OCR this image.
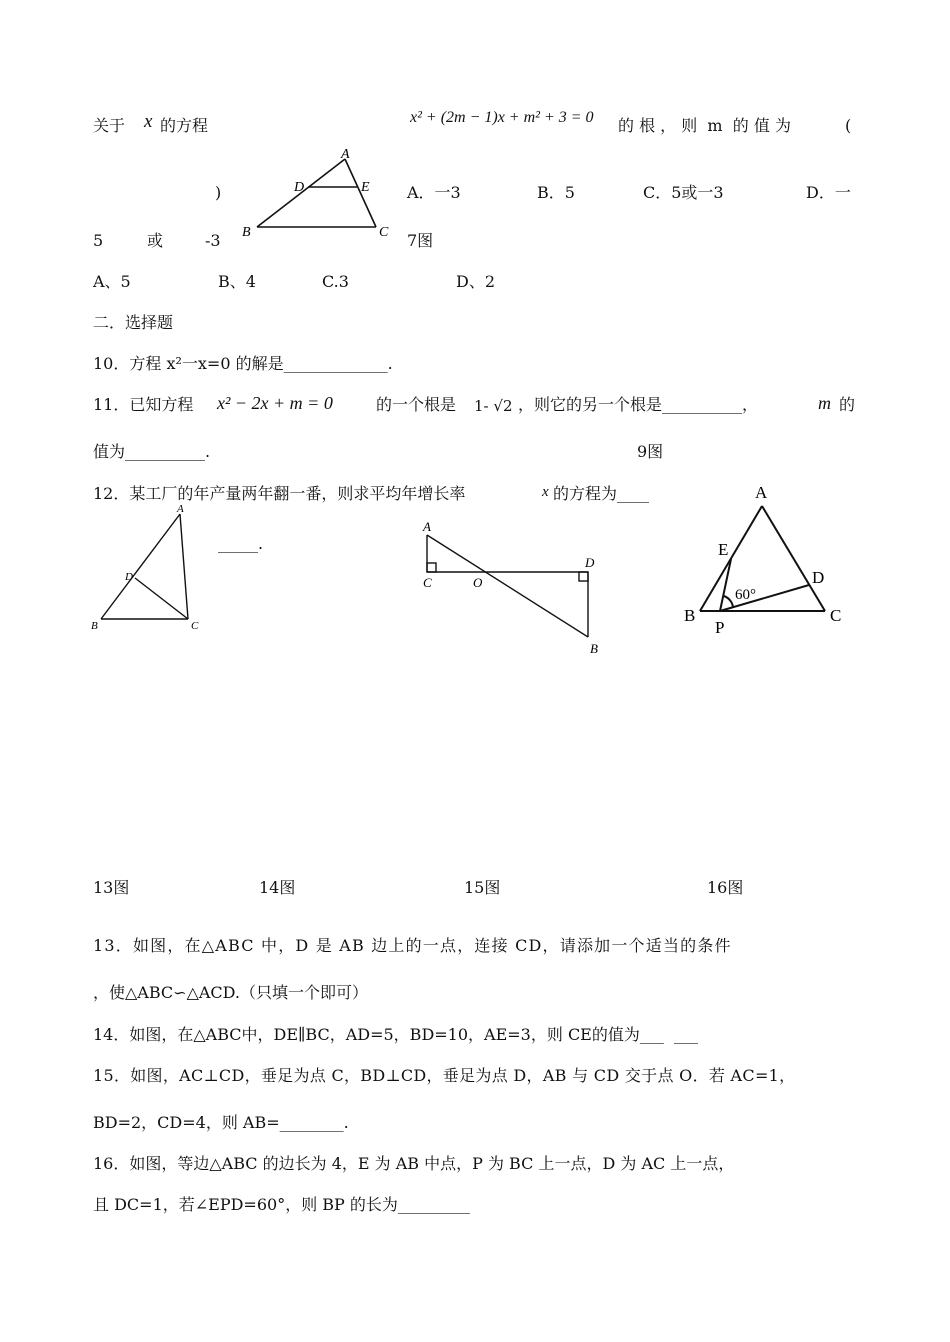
关于 x 的方程	x² + (2m − 1)x + m² + 3 = 0 的 根 ， 则  m  的 值 为	(
)	A．一3	B．5	C．5或一3	D．一
5	或	-3	7图
A
B	C
D	E
A、5	B、4	C.3	D、2
二．选择题
10．方程 x²一x=0 的解是_____________.
11．已知方程 x² − 2x + m = 0	的一个根是 1- √2 ，则它的另一个根是__________，	m 的
值为__________.	9图
12．某工厂的年产量两年翻一番，则求平均年增长率	x 的方程为____
_____.
A
B	C
D
A
C	O
D
B
A
B	C
D
E
P
60°
13图	14图	15图	16图
13．如图，在△ABC 中，D 是 AB 边上的一点，连接 CD，请添加一个适当的条件
，使△ABC∽△ACD.（只填一个即可）
14．如图，在△ABC中，DE∥BC，AD=5，BD=10，AE=3，则 CE的值为___  ___
15．如图，AC⊥CD，垂足为点 C，BD⊥CD，垂足为点 D，AB 与 CD 交于点 O．若 AC=1，
BD=2，CD=4，则 AB=________.
16．如图，等边△ABC 的边长为 4，E 为 AB 中点，P 为 BC 上一点，D 为 AC 上一点，
且 DC=1，若∠EPD=60°，则 BP 的长为_________
